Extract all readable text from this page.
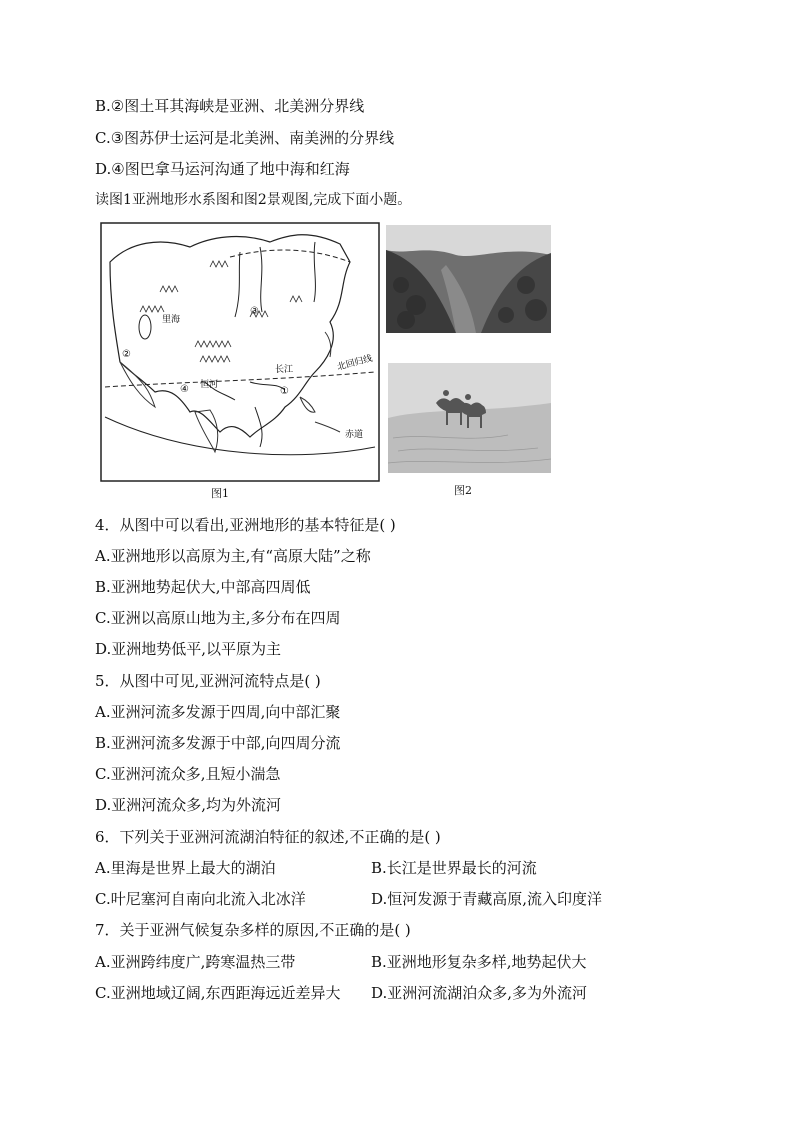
B.②图土耳其海峡是亚洲、北美洲分界线
C.③图苏伊士运河是北美洲、南美洲的分界线
D.④图巴拿马运河沟通了地中海和红海
读图1亚洲地形水系图和图2景观图,完成下面小题。
②
①
③
④
里海
长江
恒河
北回归线
赤道
图1	图2
4．从图中可以看出,亚洲地形的基本特征是( )
A.亚洲地形以高原为主,有“高原大陆”之称
B.亚洲地势起伏大,中部高四周低
C.亚洲以高原山地为主,多分布在四周
D.亚洲地势低平,以平原为主
5．从图中可见,亚洲河流特点是( )
A.亚洲河流多发源于四周,向中部汇聚
B.亚洲河流多发源于中部,向四周分流
C.亚洲河流众多,且短小湍急
D.亚洲河流众多,均为外流河
6．下列关于亚洲河流湖泊特征的叙述,不正确的是( )
A.里海是世界上最大的湖泊	B.长江是世界最长的河流
C.叶尼塞河自南向北流入北冰洋	D.恒河发源于青藏高原,流入印度洋
7．关于亚洲气候复杂多样的原因,不正确的是( )
A.亚洲跨纬度广,跨寒温热三带	B.亚洲地形复杂多样,地势起伏大
C.亚洲地域辽阔,东西距海远近差异大 D.亚洲河流湖泊众多,多为外流河
